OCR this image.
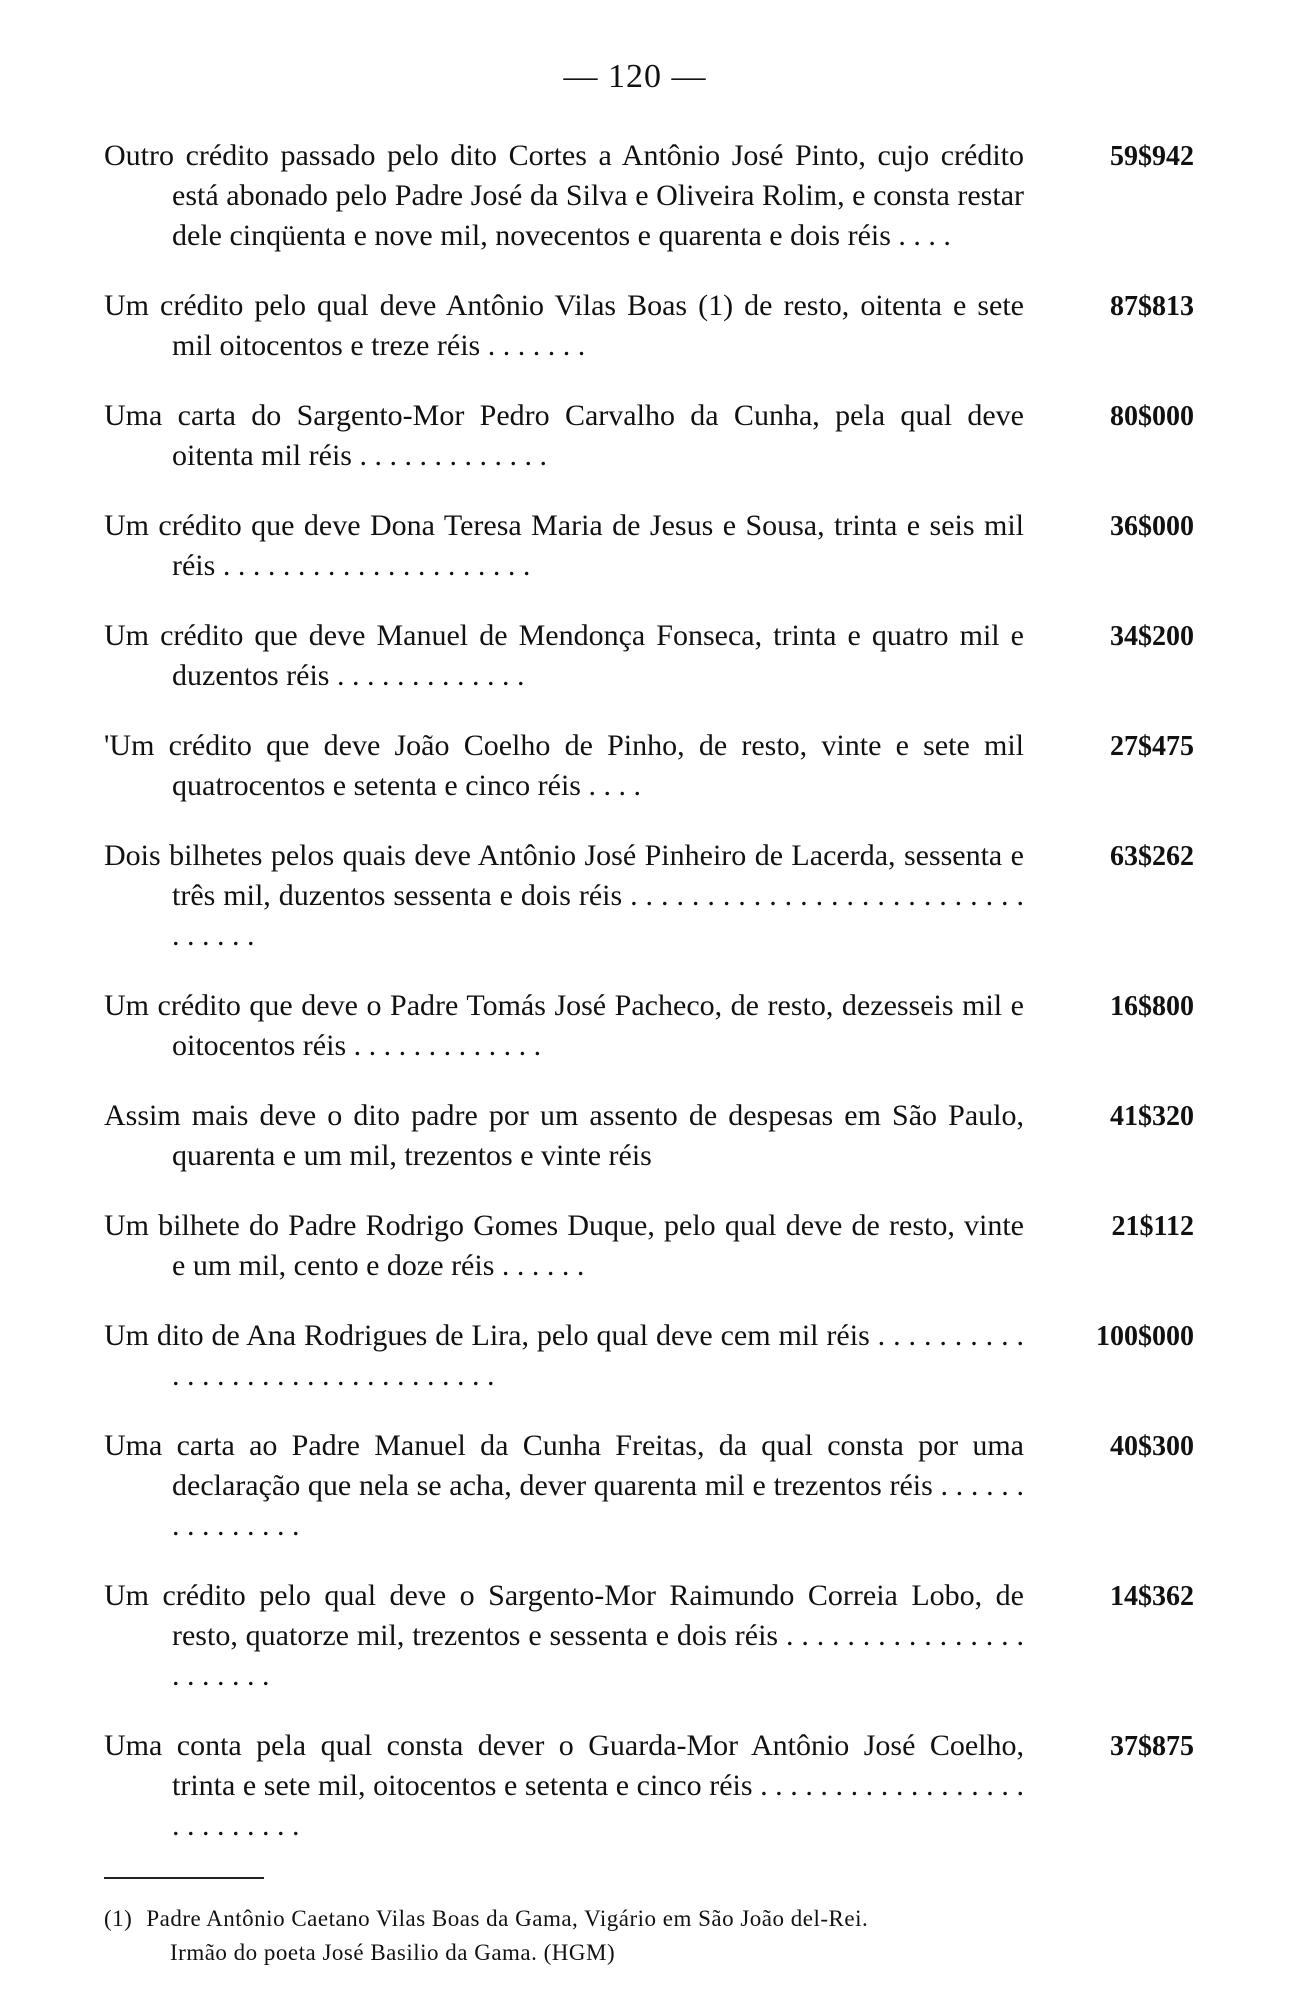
— 120 —
Outro crédito passado pelo dito Cortes a Antônio José Pinto, cujo crédito está abonado pelo Padre José da Silva e Oliveira Rolim, e consta restar dele cinqüenta e nove mil, novecentos e quarenta e dois réis . . . .
59$942
Um crédito pelo qual deve Antônio Vilas Boas (1) de resto, oitenta e sete mil oitocentos e treze réis . . . . . . .
87$813
Uma carta do Sargento-Mor Pedro Carvalho da Cunha, pela qual deve oitenta mil réis . . . . . . . . . . . . .
80$000
Um crédito que deve Dona Teresa Maria de Jesus e Sousa, trinta e seis mil réis . . . . . . . . . . . . . . . . . . . . .
36$000
Um crédito que deve Manuel de Mendonça Fonseca, trinta e quatro mil e duzentos réis . . . . . . . . . . . . .
34$200
'Um crédito que deve João Coelho de Pinho, de resto, vinte e sete mil quatrocentos e setenta e cinco réis . . . .
27$475
Dois bilhetes pelos quais deve Antônio José Pinheiro de Lacerda, sessenta e três mil, duzentos sessenta e dois réis . . . . . . . . . . . . . . . . . . . . . . . . . . . . . . . .
63$262
Um crédito que deve o Padre Tomás José Pacheco, de resto, dezesseis mil e oitocentos réis . . . . . . . . . . . . .
16$800
Assim mais deve o dito padre por um assento de despesas em São Paulo, quarenta e um mil, trezentos e vinte réis
41$320
Um bilhete do Padre Rodrigo Gomes Duque, pelo qual deve de resto, vinte e um mil, cento e doze réis . . . . . .
21$112
Um dito de Ana Rodrigues de Lira, pelo qual deve cem mil réis . . . . . . . . . . . . . . . . . . . . . . . . . . . . . . . .
100$000
Uma carta ao Padre Manuel da Cunha Freitas, da qual consta por uma declaração que nela se acha, dever quarenta mil e trezentos réis . . . . . . . . . . . . . . .
40$300
Um crédito pelo qual deve o Sargento-Mor Raimundo Correia Lobo, de resto, quatorze mil, trezentos e sessenta e dois réis . . . . . . . . . . . . . . . . . . . . . . .
14$362
Uma conta pela qual consta dever o Guarda-Mor Antônio José Coelho, trinta e sete mil, oitocentos e setenta e cinco réis . . . . . . . . . . . . . . . . . . . . . . . . . . .
37$875
(1) Padre Antônio Caetano Vilas Boas da Gama, Vigário em São João del-Rei.
Irmão do poeta José Basilio da Gama. (HGM)
